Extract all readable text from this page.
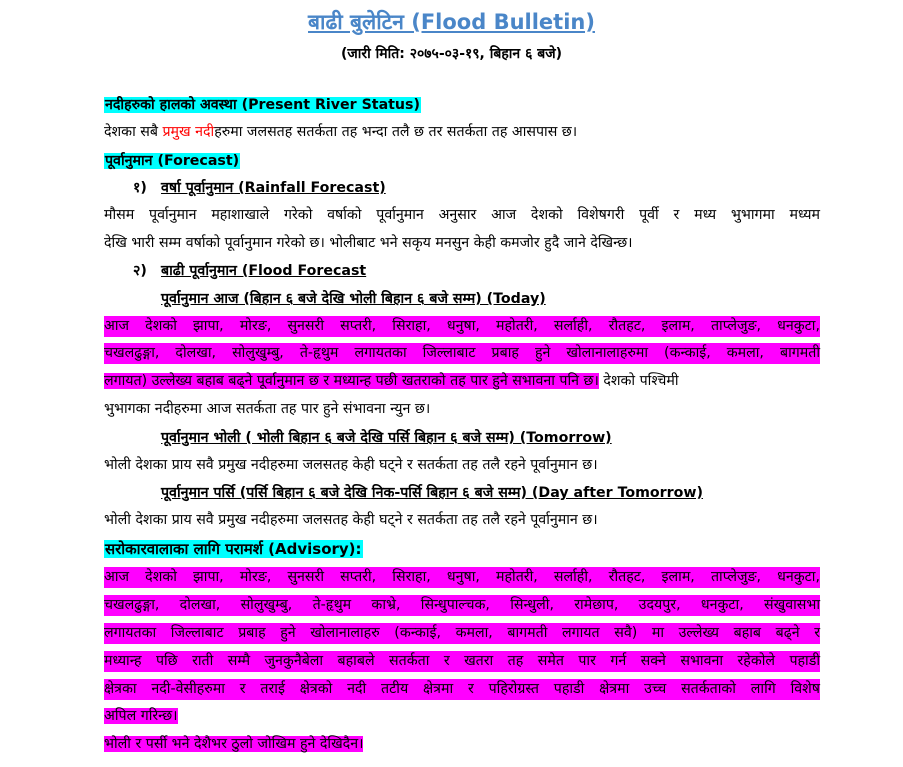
बाढी बुलेटिन (Flood Bulletin)
(जारी मिति: २०७५-०३-१९, बिहान ६ बजे)
नदीहरुको हालको अवस्था (Present River Status)
देशका सबै प्रमुख नदीहरुमा जलसतह सतर्कता तह भन्दा तलै छ तर सतर्कता तह आसपास छ।
पूर्वानुमान (Forecast)
१) वर्षा पूर्वानुमान (Rainfall Forecast)
मौसम पूर्वानुमान महाशाखाले गरेको वर्षाको पूर्वानुमान अनुसार आज देशको विशेषगरी पूर्वी र मध्य भुभागमा मध्यम
देखि भारी सम्म वर्षाको पूर्वानुमान गरेको छ। भोलीबाट भने सकृय मनसुन केही कमजोर हुदै जाने देखिन्छ।
२) बाढी पूर्वानुमान (Flood Forecast
पूर्वानुमान आज (बिहान ६ बजे देखि भोली बिहान ६ बजे सम्म) (Today)
आज देशको झापा, मोरङ, सुनसरी सप्तरी, सिराहा, धनुषा, महोतरी, सर्लाही, रौतहट, इलाम, ताप्लेजुङ, धनकुटा,
चखलढुङ्गा, दोलखा, सोलुखुम्बु, ते-हृथुम लगायतका जिल्लाबाट प्रबाह हुने खोलानालाहरुमा (कन्काई, कमला, बागमती
लगायत) उल्लेख्य बहाब बढ्ने पूर्वानुमान छ र मध्यान्ह पछी खतराको तह पार हुने सभावना पनि छ। देशको पश्चिमी
भुभागका नदीहरुमा आज सतर्कता तह पार हुने संभावना न्युन छ।
पूर्वानुमान भोली ( भोली बिहान ६ बजे देखि पर्सि बिहान ६ बजे सम्म) (Tomorrow)
भोली देशका प्राय सवै प्रमुख नदीहरुमा जलसतह केही घट्ने र सतर्कता तह तलै रहने पूर्वानुमान छ।
पूर्वानुमान पर्सि (पर्सि बिहान ६ बजे देखि निक-पर्सि बिहान ६ बजे सम्म) (Day after Tomorrow)
भोली देशका प्राय सवै प्रमुख नदीहरुमा जलसतह केही घट्ने र सतर्कता तह तलै रहने पूर्वानुमान छ।
सरोकारवालाका लागि परामर्श (Advisory):
आज देशको झापा, मोरङ, सुनसरी सप्तरी, सिराहा, धनुषा, महोतरी, सर्लाही, रौतहट, इलाम, ताप्लेजुङ, धनकुटा,
चखलढुङ्गा, दोलखा, सोलुखुम्बु, ते-हृथुम काभ्रे, सिन्धुपाल्चक, सिन्धुली, रामेछाप, उदयपुर, धनकुटा, संखुवासभा
लगायतका जिल्लाबाट प्रबाह हुने खोलानालाहरु (कन्काई, कमला, बागमती लगायत सवै) मा उल्लेख्य बहाब बढ्ने र
मध्यान्ह पछि राती सम्मै जुनकुनैबेला बहाबले सतर्कता र खतरा तह समेत पार गर्न सक्ने सभावना रहेकोले पहाडी
क्षेत्रका नदी-वेसीहरुमा र तराई क्षेत्रको नदी तटीय क्षेत्रमा र पहिरोग्रस्त पहाडी क्षेत्रमा उच्च सतर्कताको लागि विशेष
अपिल गरिन्छ।
भोली र पर्सी भने देशैभर ठुलो जोखिम हुने देखिदैन।
